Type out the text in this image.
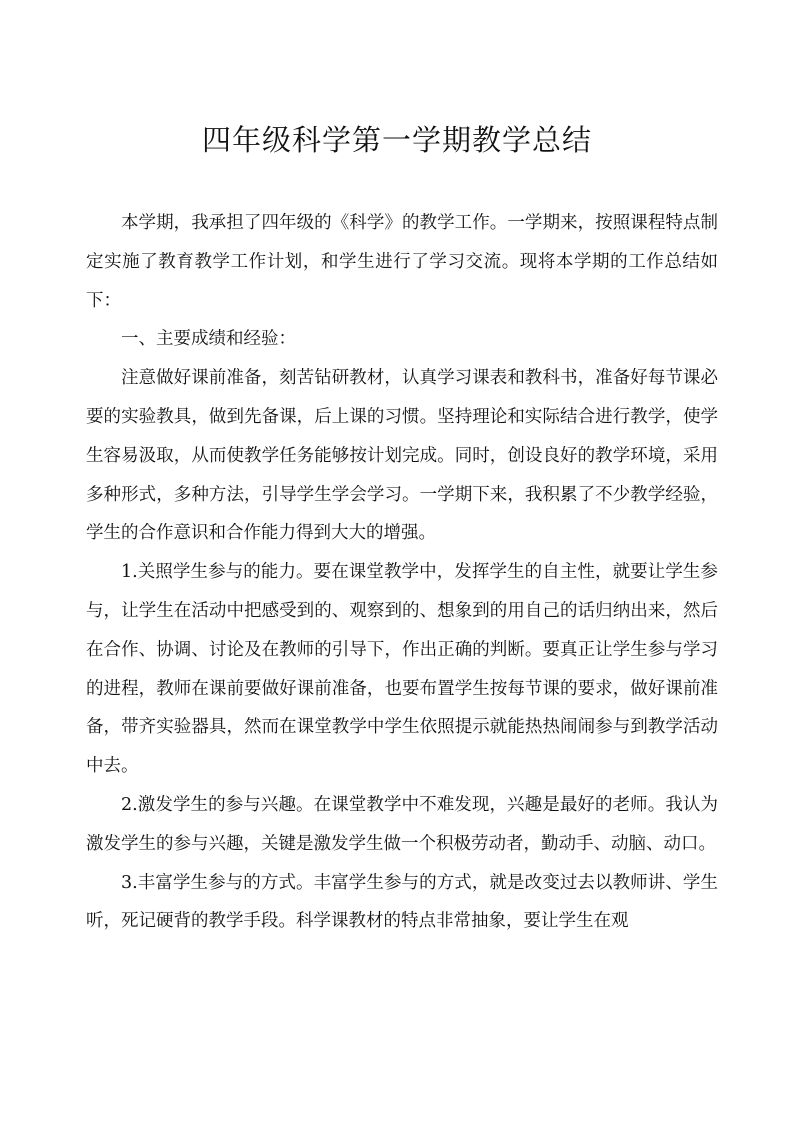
四年级科学第一学期教学总结

本学期，我承担了四年级的《科学》的教学工作。一学期来，按照课程特点制定实施了教育教学工作计划，和学生进行了学习交流。现将本学期的工作总结如下：

一、主要成绩和经验：

注意做好课前准备，刻苦钻研教材，认真学习课表和教科书，准备好每节课必要的实验教具，做到先备课，后上课的习惯。坚持理论和实际结合进行教学，使学生容易汲取，从而使教学任务能够按计划完成。同时，创设良好的教学环境，采用多种形式，多种方法，引导学生学会学习。一学期下来，我积累了不少教学经验，学生的合作意识和合作能力得到大大的增强。

1.关照学生参与的能力。要在课堂教学中，发挥学生的自主性，就要让学生参与，让学生在活动中把感受到的、观察到的、想象到的用自己的话归纳出来，然后在合作、协调、讨论及在教师的引导下，作出正确的判断。要真正让学生参与学习的进程，教师在课前要做好课前准备，也要布置学生按每节课的要求，做好课前准备，带齐实验器具，然而在课堂教学中学生依照提示就能热热闹闹参与到教学活动中去。

2.激发学生的参与兴趣。在课堂教学中不难发现，兴趣是最好的老师。我认为激发学生的参与兴趣，关键是激发学生做一个积极劳动者，勤动手、动脑、动口。

3.丰富学生参与的方式。丰富学生参与的方式，就是改变过去以教师讲、学生听，死记硬背的教学手段。科学课教材的特点非常抽象，要让学生在观
